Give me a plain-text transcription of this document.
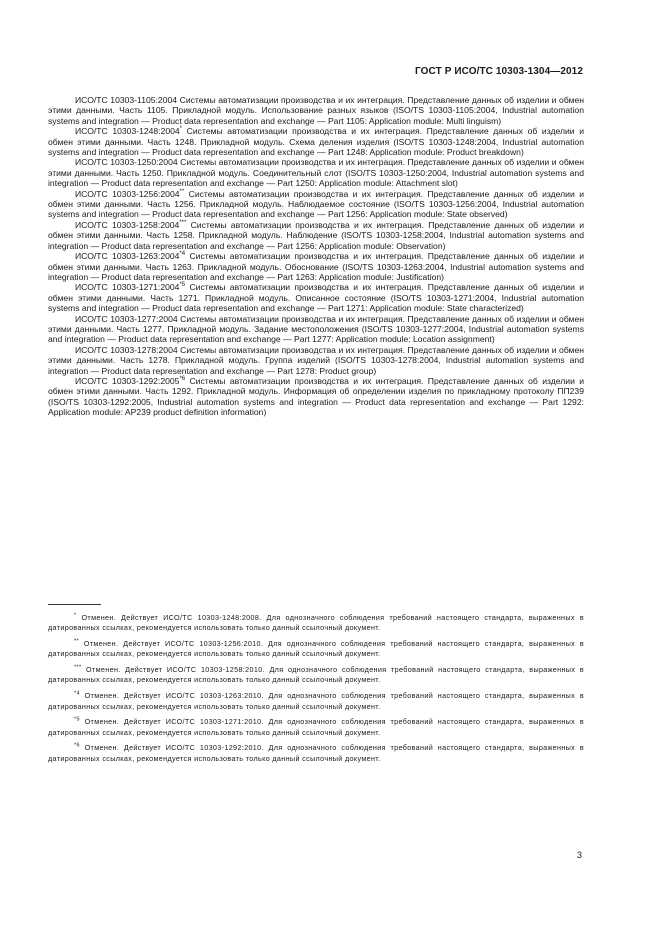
ГОСТ Р ИСО/ТС 10303-1304—2012

ИСО/ТС 10303-1105:2004 Системы автоматизации производства и их интеграция. Представление данных об изделии и обмен этими данными. Часть 1105. Прикладной модуль. Использование разных языков (ISO/TS 10303-1105:2004, Industrial automation systems and integration — Product data representation and exchange — Part 1105: Application module: Multi linguism)

ИСО/ТС 10303-1248:2004* Системы автоматизации производства и их интеграция. Представление данных об изделии и обмен этими данными. Часть 1248. Прикладной модуль. Схема деления изделия (ISO/TS 10303-1248:2004, Industrial automation systems and integration — Product data representation and exchange — Part 1248: Application module: Product breakdown)

ИСО/ТС 10303-1250:2004 Системы автоматизации производства и их интеграция. Представление данных об изделии и обмен этими данными. Часть 1250. Прикладной модуль. Соединительный слот (ISO/TS 10303-1250:2004, Industrial automation systems and integration — Product data representation and exchange — Part 1250: Application module: Attachment slot)

ИСО/ТС 10303-1256:2004** Системы автоматизации производства и их интеграция. Представление данных об изделии и обмен этими данными. Часть 1256. Прикладной модуль. Наблюдаемое состояние (ISO/TS 10303-1256:2004, Industrial automation systems and integration — Product data representation and exchange — Part 1256: Application module: State observed)

ИСО/ТС 10303-1258:2004*** Системы автоматизации производства и их интеграция. Представление данных об изделии и обмен этими данными. Часть 1258. Прикладной модуль. Наблюдение (ISO/TS 10303-1258:2004, Industrial automation systems and integration — Product data representation and exchange — Part 1256: Application module: Observation)

ИСО/ТС 10303-1263:2004$^{*4}$ Системы автоматизации производства и их интеграция. Представление данных об изделии и обмен этими данными. Часть 1263. Прикладной модуль. Обоснование (ISO/TS 10303-1263:2004, Industrial automation systems and integration — Product data representation and exchange — Part 1263: Application module: Justification)

ИСО/ТС 10303-1271:2004$^{*5}$ Системы автоматизации производства и их интеграция. Представление данных об изделии и обмен этими данными. Часть 1271. Прикладной модуль. Описанное состояние (ISO/TS 10303-1271:2004, Industrial automation systems and integration — Product data representation and exchange — Part 1271: Application module: State characterized)

ИСО/ТС 10303-1277:2004 Системы автоматизации производства и их интеграция. Представление данных об изделии и обмен этими данными. Часть 1277. Прикладной модуль. Задание местоположения (ISO/TS 10303-1277:2004, Industrial automation systems and integration — Product data representation and exchange — Part 1277: Application module: Location assignment)

ИСО/ТС 10303-1278:2004 Системы автоматизации производства и их интеграция. Представление данных об изделии и обмен этими данными. Часть 1278. Прикладной модуль. Группа изделий (ISO/TS 10303-1278:2004, Industrial automation systems and integration — Product data representation and exchange — Part 1278: Product group)

ИСО/ТС 10303-1292:2005$^{*6}$ Системы автоматизации производства и их интеграция. Представление данных об изделии и обмен этими данными. Часть 1292. Прикладной модуль. Информация об определении изделия по прикладному протоколу ПП239 (ISO/TS 10303-1292:2005, Industrial automation systems and integration — Product data representation and exchange — Part 1292: Application module: AP239 product definition information)

* Отменен. Действует ИСО/ТС 10303-1248:2008. Для однозначного соблюдения требований настоящего стандарта, выраженных в датированных ссылках, рекомендуется использовать только данный ссылочный документ.

** Отменен. Действует ИСО/ТС 10303-1256:2010. Для однозначного соблюдения требований настоящего стандарта, выраженных в датированных ссылках, рекомендуется использовать только данный ссылочный документ.

*** Отменен. Действует ИСО/ТС 10303-1258:2010. Для однозначного соблюдения требований настоящего стандарта, выраженных в датированных ссылках, рекомендуется использовать только данный ссылочный документ.

$^{*4}$ Отменен. Действует ИСО/ТС 10303-1263:2010. Для однозначного соблюдения требований настоящего стандарта, выраженных в датированных ссылках, рекомендуется использовать только данный ссылочный документ.

$^{*5}$ Отменен. Действует ИСО/ТС 10303-1271:2010. Для однозначного соблюдения требований настоящего стандарта, выраженных в датированных ссылках, рекомендуется использовать только данный ссылочный документ.

$^{*6}$ Отменен. Действует ИСО/ТС 10303-1292:2010. Для однозначного соблюдения требований настоящего стандарта, выраженных в датированных ссылках, рекомендуется использовать только данный ссылочный документ.

3
